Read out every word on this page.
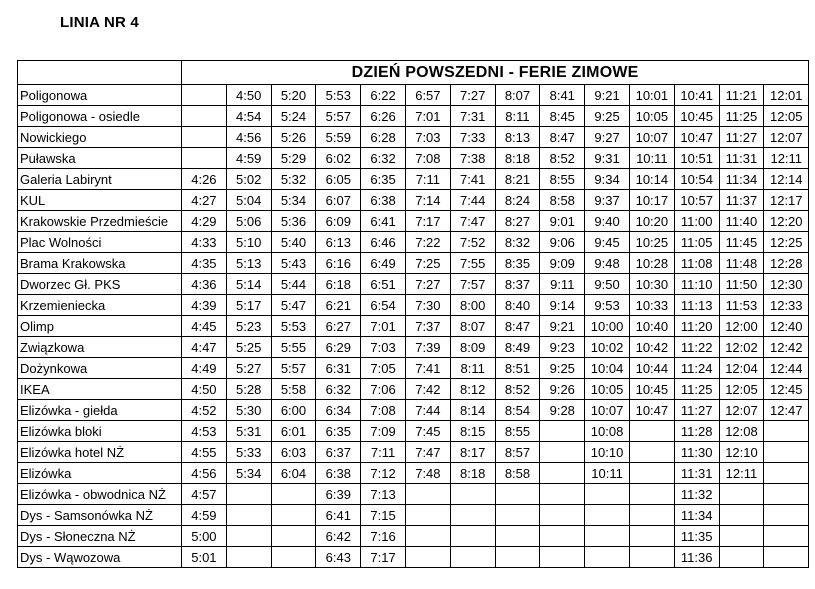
LINIA NR 4
	DZIEŃ POWSZEDNI - FERIE ZIMOWE													
Poligonowa		4:50	5:20	5:53	6:22	6:57	7:27	8:07	8:41	9:21	10:01	10:41	11:21	12:01
Poligonowa - osiedle		4:54	5:24	5:57	6:26	7:01	7:31	8:11	8:45	9:25	10:05	10:45	11:25	12:05
Nowickiego		4:56	5:26	5:59	6:28	7:03	7:33	8:13	8:47	9:27	10:07	10:47	11:27	12:07
Puławska		4:59	5:29	6:02	6:32	7:08	7:38	8:18	8:52	9:31	10:11	10:51	11:31	12:11
Galeria Labirynt	4:26	5:02	5:32	6:05	6:35	7:11	7:41	8:21	8:55	9:34	10:14	10:54	11:34	12:14
KUL	4:27	5:04	5:34	6:07	6:38	7:14	7:44	8:24	8:58	9:37	10:17	10:57	11:37	12:17
Krakowskie Przedmieście	4:29	5:06	5:36	6:09	6:41	7:17	7:47	8:27	9:01	9:40	10:20	11:00	11:40	12:20
Plac Wolności	4:33	5:10	5:40	6:13	6:46	7:22	7:52	8:32	9:06	9:45	10:25	11:05	11:45	12:25
Brama Krakowska	4:35	5:13	5:43	6:16	6:49	7:25	7:55	8:35	9:09	9:48	10:28	11:08	11:48	12:28
Dworzec Gł. PKS	4:36	5:14	5:44	6:18	6:51	7:27	7:57	8:37	9:11	9:50	10:30	11:10	11:50	12:30
Krzemieniecka	4:39	5:17	5:47	6:21	6:54	7:30	8:00	8:40	9:14	9:53	10:33	11:13	11:53	12:33
Olimp	4:45	5:23	5:53	6:27	7:01	7:37	8:07	8:47	9:21	10:00	10:40	11:20	12:00	12:40
Związkowa	4:47	5:25	5:55	6:29	7:03	7:39	8:09	8:49	9:23	10:02	10:42	11:22	12:02	12:42
Dożynkowa	4:49	5:27	5:57	6:31	7:05	7:41	8:11	8:51	9:25	10:04	10:44	11:24	12:04	12:44
IKEA	4:50	5:28	5:58	6:32	7:06	7:42	8:12	8:52	9:26	10:05	10:45	11:25	12:05	12:45
Elizówka - giełda	4:52	5:30	6:00	6:34	7:08	7:44	8:14	8:54	9:28	10:07	10:47	11:27	12:07	12:47
Elizówka bloki	4:53	5:31	6:01	6:35	7:09	7:45	8:15	8:55		10:08		11:28	12:08	
Elizówka hotel NŻ	4:55	5:33	6:03	6:37	7:11	7:47	8:17	8:57		10:10		11:30	12:10	
Elizówka	4:56	5:34	6:04	6:38	7:12	7:48	8:18	8:58		10:11		11:31	12:11	
Elizówka - obwodnica NŻ	4:57			6:39	7:13							11:32		
Dys - Samsonówka NŻ	4:59			6:41	7:15							11:34		
Dys - Słoneczna NŻ	5:00			6:42	7:16							11:35		
Dys - Wąwozowa	5:01			6:43	7:17							11:36		
